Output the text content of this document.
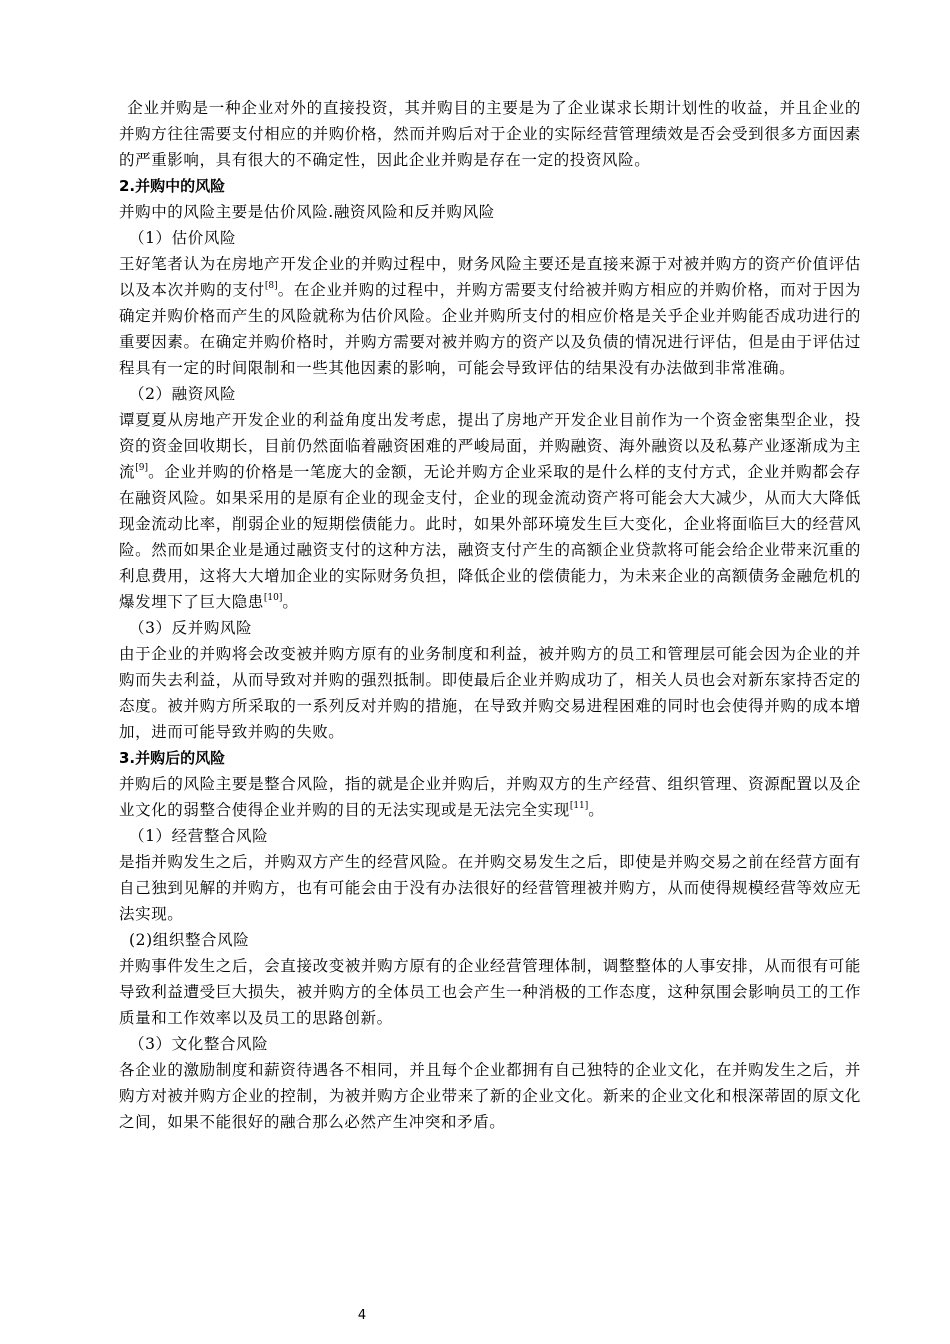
企业并购是一种企业对外的直接投资，其并购目的主要是为了企业谋求长期计划性的收益，并且企业的并购方往往需要支付相应的并购价格，然而并购后对于企业的实际经营管理绩效是否会受到很多方面因素的严重影响，具有很大的不确定性，因此企业并购是存在一定的投资风险。

2.并购中的风险

并购中的风险主要是估价风险.融资风险和反并购风险

（1）估价风险

王好笔者认为在房地产开发企业的并购过程中，财务风险主要还是直接来源于对被并购方的资产价值评估以及本次并购的支付[8]。在企业并购的过程中，并购方需要支付给被并购方相应的并购价格，而对于因为确定并购价格而产生的风险就称为估价风险。企业并购所支付的相应价格是关乎企业并购能否成功进行的重要因素。在确定并购价格时，并购方需要对被并购方的资产以及负债的情况进行评估，但是由于评估过程具有一定的时间限制和一些其他因素的影响，可能会导致评估的结果没有办法做到非常准确。

（2）融资风险

谭夏夏从房地产开发企业的利益角度出发考虑，提出了房地产开发企业目前作为一个资金密集型企业，投资的资金回收期长，目前仍然面临着融资困难的严峻局面，并购融资、海外融资以及私募产业逐渐成为主流[9]。企业并购的价格是一笔庞大的金额，无论并购方企业采取的是什么样的支付方式，企业并购都会存在融资风险。如果采用的是原有企业的现金支付，企业的现金流动资产将可能会大大减少，从而大大降低现金流动比率，削弱企业的短期偿债能力。此时，如果外部环境发生巨大变化，企业将面临巨大的经营风险。然而如果企业是通过融资支付的这种方法，融资支付产生的高额企业贷款将可能会给企业带来沉重的利息费用，这将大大增加企业的实际财务负担，降低企业的偿债能力，为未来企业的高额债务金融危机的爆发埋下了巨大隐患[10]。

（3）反并购风险

由于企业的并购将会改变被并购方原有的业务制度和利益，被并购方的员工和管理层可能会因为企业的并购而失去利益，从而导致对并购的强烈抵制。即使最后企业并购成功了，相关人员也会对新东家持否定的态度。被并购方所采取的一系列反对并购的措施，在导致并购交易进程困难的同时也会使得并购的成本增加，进而可能导致并购的失败。

3.并购后的风险

并购后的风险主要是整合风险，指的就是企业并购后，并购双方的生产经营、组织管理、资源配置以及企业文化的弱整合使得企业并购的目的无法实现或是无法完全实现[11]。

（1）经营整合风险

是指并购发生之后，并购双方产生的经营风险。在并购交易发生之后，即使是并购交易之前在经营方面有自己独到见解的并购方，也有可能会由于没有办法很好的经营管理被并购方，从而使得规模经营等效应无法实现。

(2)组织整合风险

并购事件发生之后，会直接改变被并购方原有的企业经营管理体制，调整整体的人事安排，从而很有可能导致利益遭受巨大损失，被并购方的全体员工也会产生一种消极的工作态度，这种氛围会影响员工的工作质量和工作效率以及员工的思路创新。

（3）文化整合风险

各企业的激励制度和薪资待遇各不相同，并且每个企业都拥有自己独特的企业文化，在并购发生之后，并购方对被并购方企业的控制，为被并购方企业带来了新的企业文化。新来的企业文化和根深蒂固的原文化之间，如果不能很好的融合那么必然产生冲突和矛盾。

4
